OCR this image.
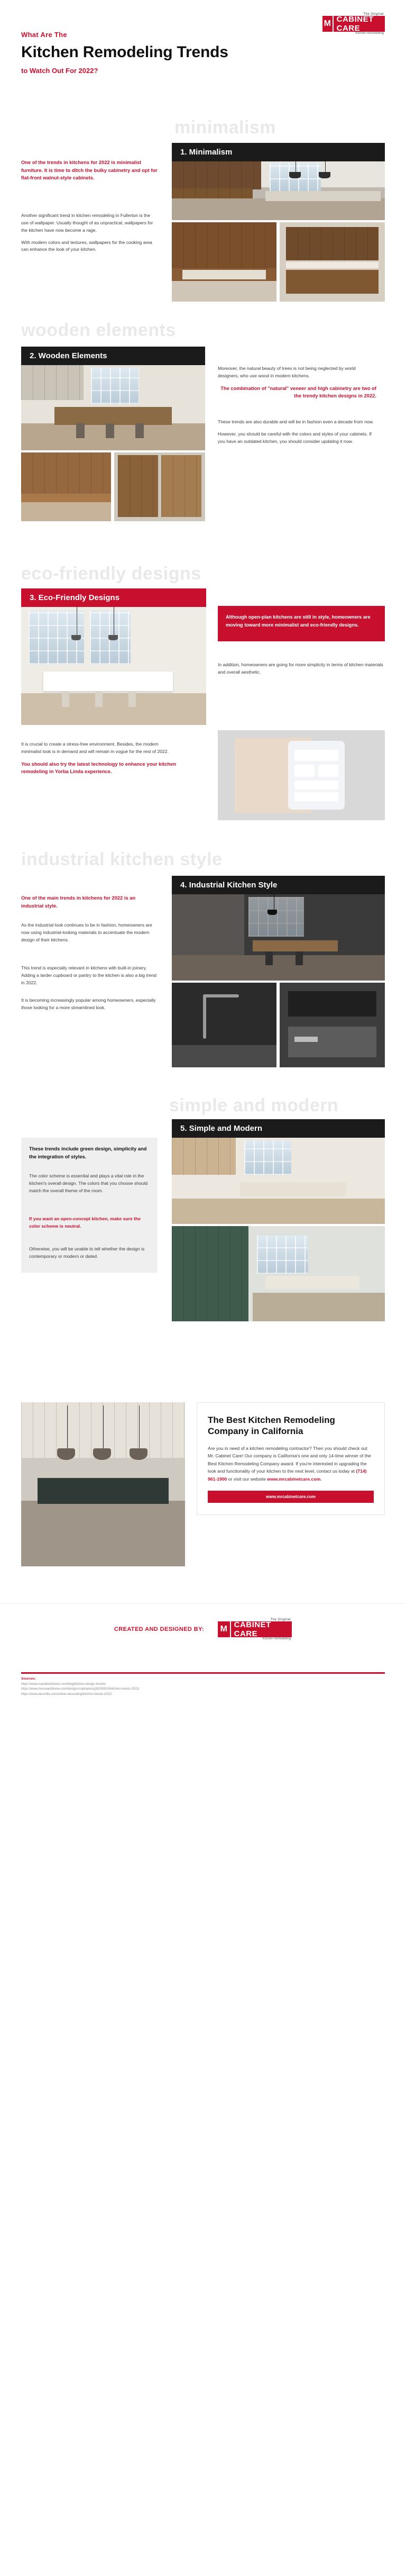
The Original
M CABINET CARE
Kitchen Remodeling
What Are The
Kitchen Remodeling Trends
to Watch Out For 2022?
minimalism
1. Minimalism

One of the trends in kitchens for 2022 is minimalist furniture. It is time to ditch the bulky cabinetry and opt for flat-front walnut-style cabinets.

Another significant trend in kitchen remodeling in Fullerton is the use of wallpaper. Usually thought of as unpractical, wallpapers for the kitchen have now become a rage.

With modern colors and textures, wallpapers for the cooking area can enhance the look of your kitchen.

wooden elements
2. Wooden Elements

Moreover, the natural beauty of trees is not being neglected by world designers, who use wood in modern kitchens.

The combination of "natural" veneer and high cabinetry are two of the trendy kitchen designs in 2022.

These trends are also durable and will be in fashion even a decade from now.

However, you should be careful with the colors and styles of your cabinets. If you have an outdated kitchen, you should consider updating it now.

eco-friendly designs
3. Eco-Friendly Designs

Although open-plan kitchens are still in style, homeowners are moving toward more minimalist and eco-friendly designs.

In addition, homeowners are going for more simplicity in terms of kitchen materials and overall aesthetic.

It is crucial to create a stress-free environment. Besides, the modern minimalist look is in demand and will remain in vogue for the rest of 2022.

You should also try the latest technology to enhance your kitchen remodeling in Yorba Linda experience.

industrial kitchen style
4. Industrial Kitchen Style

One of the main trends in kitchens for 2022 is an industrial style.

As the industrial look continues to be in fashion, homeowners are now using industrial-looking materials to accentuate the modern design of their kitchens.

This trend is especially relevant in kitchens with built-in joinery. Adding a larder cupboard or pantry to the kitchen is also a big trend in 2022.

It is becoming increasingly popular among homeowners, especially those looking for a more streamlined look.

simple and modern
5. Simple and Modern

These trends include green design, simplicity and the integration of styles.

The color scheme is essential and plays a vital role in the kitchen's overall design. The colors that you choose should match the overall theme of the room.

If you want an open-concept kitchen, make sure the color scheme is neutral.

Otherwise, you will be unable to tell whether the design is contemporary or modern or dated.

The Best Kitchen Remodeling Company in California
Are you in need of a kitchen remodeling contractor? Then you should check out Mr. Cabinet Care! Our company is California's one and only 14-time winner of the Best Kitchen Remodeling Company award. If you're interested in upgrading the look and functionality of your kitchen to the next level, contact us today at (714) 961-1900 or visit our website www.mrcabinetcare.com.
www.mrcabinetcare.com
CREATED AND DESIGNED BY:
The Original
M CABINET CARE
Kitchen Remodeling
Sources:
https://www.macabinetstore.com/blog/kitchen-design-trends/
https://www.houseandhome.com/design-inspiration/g38293915/kitchen-trends-2022/
https://www.decorilla.com/online-decorating/kitchen-trends-2022/
